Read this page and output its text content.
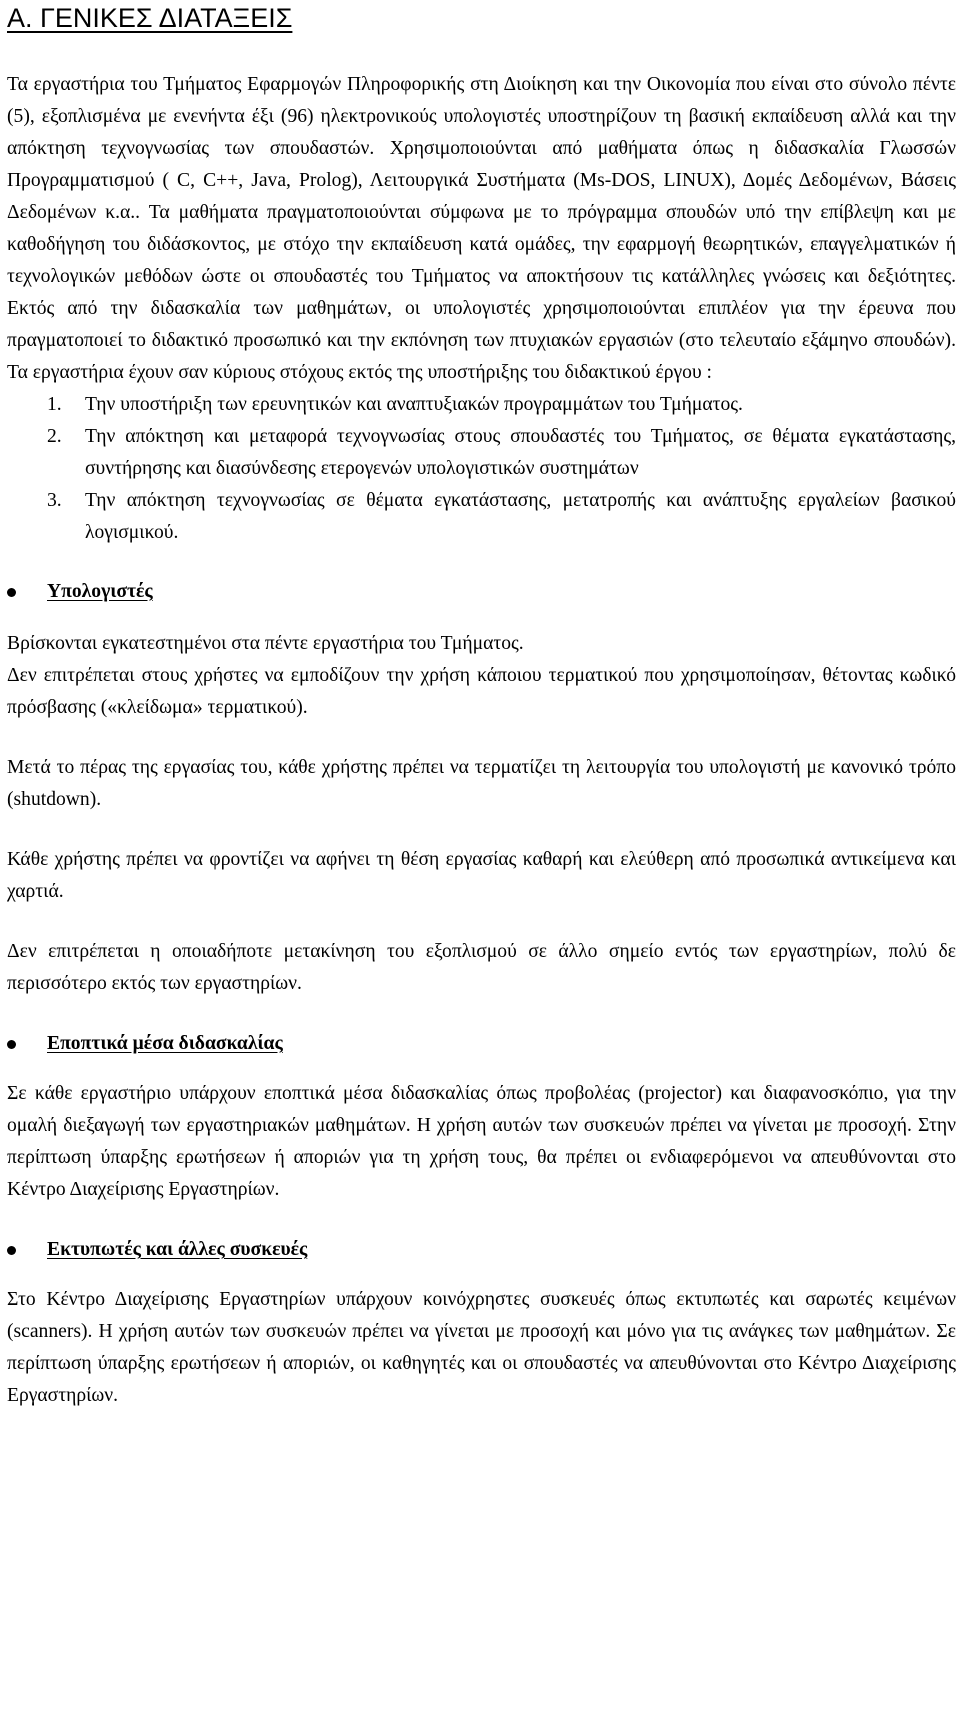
Α. ΓΕΝΙΚΕΣ ΔΙΑΤΑΞΕΙΣ

Τα εργαστήρια του Τμήματος Εφαρμογών Πληροφορικής στη Διοίκηση και την Οικονομία που είναι στο σύνολο πέντε (5), εξοπλισμένα με ενενήντα έξι (96) ηλεκτρονικούς υπολογιστές υποστηρίζουν τη βασική εκπαίδευση αλλά και την απόκτηση τεχνογνωσίας των σπουδαστών. Χρησιμοποιούνται από μαθήματα όπως η διδασκαλία Γλωσσών Προγραμματισμού ( C, C++, Java, Prolog), Λειτουργικά Συστήματα (Ms-DOS, LINUX), Δομές Δεδομένων, Βάσεις Δεδομένων κ.α.. Τα μαθήματα πραγματοποιούνται σύμφωνα με το πρόγραμμα σπουδών υπό την επίβλεψη και με καθοδήγηση του διδάσκοντος, με στόχο την εκπαίδευση κατά ομάδες, την εφαρμογή θεωρητικών, επαγγελματικών ή τεχνολογικών μεθόδων ώστε οι σπουδαστές του Τμήματος να αποκτήσουν τις κατάλληλες γνώσεις και δεξιότητες. Εκτός από την διδασκαλία των μαθημάτων, οι υπολογιστές χρησιμοποιούνται επιπλέον για την έρευνα που πραγματοποιεί το διδακτικό προσωπικό και την εκπόνηση των πτυχιακών εργασιών (στο τελευταίο εξάμηνο σπουδών). Τα εργαστήρια έχουν σαν κύριους στόχους εκτός της υποστήριξης του διδακτικού έργου :

1. Την υποστήριξη των ερευνητικών και αναπτυξιακών προγραμμάτων του Τμήματος.
2. Την απόκτηση και μεταφορά τεχνογνωσίας στους σπουδαστές του Τμήματος, σε θέματα εγκατάστασης, συντήρησης και διασύνδεσης ετερογενών υπολογιστικών συστημάτων
3. Την απόκτηση τεχνογνωσίας σε θέματα εγκατάστασης, μετατροπής και ανάπτυξης εργαλείων βασικού λογισμικού.
Υπολογιστές

Βρίσκονται εγκατεστημένοι στα πέντε εργαστήρια του Τμήματος.

Δεν επιτρέπεται στους χρήστες να εμποδίζουν την χρήση κάποιου τερματικού που χρησιμοποίησαν, θέτοντας κωδικό πρόσβασης («κλείδωμα» τερματικού).

Μετά το πέρας της εργασίας του, κάθε χρήστης πρέπει να τερματίζει τη λειτουργία του υπολογιστή με κανονικό τρόπο (shutdown).

Κάθε χρήστης πρέπει να φροντίζει να αφήνει τη θέση εργασίας καθαρή και ελεύθερη από προσωπικά αντικείμενα και χαρτιά.

Δεν επιτρέπεται η οποιαδήποτε μετακίνηση του εξοπλισμού σε άλλο σημείο εντός των εργαστηρίων, πολύ δε περισσότερο εκτός των εργαστηρίων.

Εποπτικά μέσα διδασκαλίας

Σε κάθε εργαστήριο υπάρχουν εποπτικά μέσα διδασκαλίας όπως προβολέας (projector) και διαφανοσκόπιο, για την ομαλή διεξαγωγή των εργαστηριακών μαθημάτων. Η χρήση αυτών των συσκευών πρέπει να γίνεται με προσοχή. Στην περίπτωση ύπαρξης ερωτήσεων ή αποριών για τη χρήση τους, θα πρέπει οι ενδιαφερόμενοι να απευθύνονται στο Κέντρο Διαχείρισης Εργαστηρίων.

Εκτυπωτές και άλλες συσκευές

Στο Κέντρο Διαχείρισης Εργαστηρίων υπάρχουν κοινόχρηστες συσκευές όπως εκτυπωτές και σαρωτές κειμένων (scanners). Η χρήση αυτών των συσκευών πρέπει να γίνεται με προσοχή και μόνο για τις ανάγκες των μαθημάτων. Σε περίπτωση ύπαρξης ερωτήσεων ή αποριών, οι καθηγητές και οι σπουδαστές να απευθύνονται στο Κέντρο Διαχείρισης Εργαστηρίων.
